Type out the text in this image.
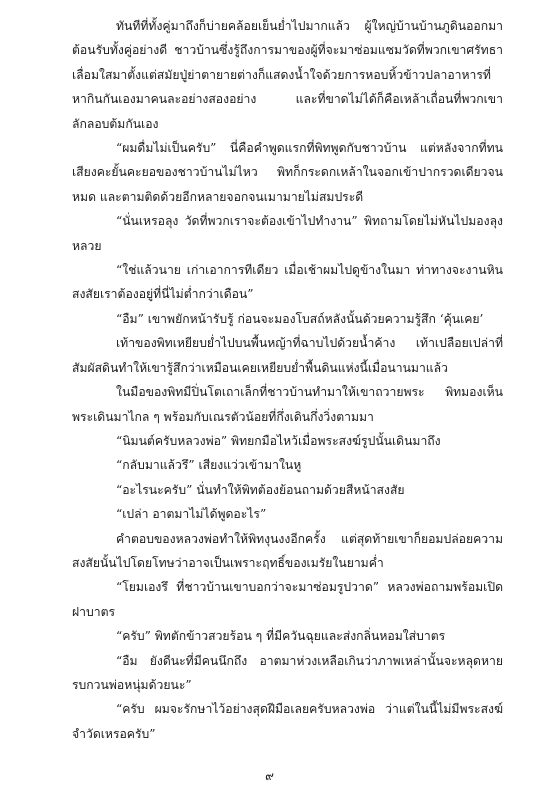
ทันทีที่ทั้งคู่มาถึงก็บ่ายคล้อยเย็นย่ำไปมากแล้ว ผู้ใหญ่บ้านบ้านภูดินออกมาต้อนรับทั้งคู่อย่างดี ชาวบ้านซึ่งรู้ถึงการมาของผู้ที่จะมาซ่อมแซมวัดที่พวกเขาศรัทธาเลื่อมใสมาตั้งแต่สมัยปู่ย่าตายายต่างก็แสดงน้ำใจด้วยการหอบหิ้วข้าวปลาอาหารที่หากินกันเองมาคนละอย่างสองอย่าง และที่ขาดไม่ได้ก็คือเหล้าเถื่อนที่พวกเขาลักลอบต้มกันเอง

“ผมดื่มไม่เป็นครับ” นี่คือคำพูดแรกที่พิทพูดกับชาวบ้าน แต่หลังจากที่ทนเสียงคะยั้นคะยอของชาวบ้านไม่ไหว พิทก็กระดกเหล้าในจอกเข้าปากรวดเดียวจนหมด และตามติดด้วยอีกหลายจอกจนเมามายไม่สมประดี

“นั่นเหรอลุง วัดที่พวกเราจะต้องเข้าไปทำงาน” พิทถามโดยไม่หันไปมองลุงหลวย

“ใช่แล้วนาย เก่าเอาการทีเดียว เมื่อเช้าผมไปดูข้างในมา ท่าทางจะงานหินสงสัยเราต้องอยู่ที่นี่ไม่ต่ำกว่าเดือน”

“อืม” เขาพยักหน้ารับรู้ ก่อนจะมองโบสถ์หลังนั้นด้วยความรู้สึก ‘คุ้นเคย’

เท้าของพิทเหยียบย่ำไปบนพื้นหญ้าที่ฉาบไปด้วยน้ำค้าง เท้าเปลือยเปล่าที่สัมผัสดินทำให้เขารู้สึกว่าเหมือนเคยเหยียบย่ำพื้นดินแห่งนี้เมื่อนานมาแล้ว

ในมือของพิทมีปิ่นโตเถาเล็กที่ชาวบ้านทำมาให้เขาถวายพระ พิทมองเห็นพระเดินมาไกล ๆ พร้อมกับเณรตัวน้อยที่กึ่งเดินกึ่งวิ่งตามมา

“นิมนต์ครับหลวงพ่อ” พิทยกมือไหว้เมื่อพระสงฆ์รูปนั้นเดินมาถึง

“กลับมาแล้วรึ” เสียงแว่วเข้ามาในหู

“อะไรนะครับ” นั่นทำให้พิทต้องย้อนถามด้วยสีหน้าสงสัย

“เปล่า อาตมาไม่ได้พูดอะไร”

คำตอบของหลวงพ่อทำให้พิทงุนงงอีกครั้ง แต่สุดท้ายเขาก็ยอมปล่อยความสงสัยนั้นไปโดยโทษว่าอาจเป็นเพราะฤทธิ์ของเมรัยในยามค่ำ

“โยมเองรึ ที่ชาวบ้านเขาบอกว่าจะมาซ่อมรูปวาด” หลวงพ่อถามพร้อมเปิดฝาบาตร

“ครับ” พิทตักข้าวสวยร้อน ๆ ที่มีควันฉุยและส่งกลิ่นหอมใส่บาตร

“อืม ยังดีนะที่มีคนนึกถึง อาตมาห่วงเหลือเกินว่าภาพเหล่านั้นจะหลุดหาย รบกวนพ่อหนุ่มด้วยนะ”

“ครับ ผมจะรักษาไว้อย่างสุดฝีมือเลยครับหลวงพ่อ ว่าแต่ในนี้ไม่มีพระสงฆ์จำวัดเหรอครับ”

๙
